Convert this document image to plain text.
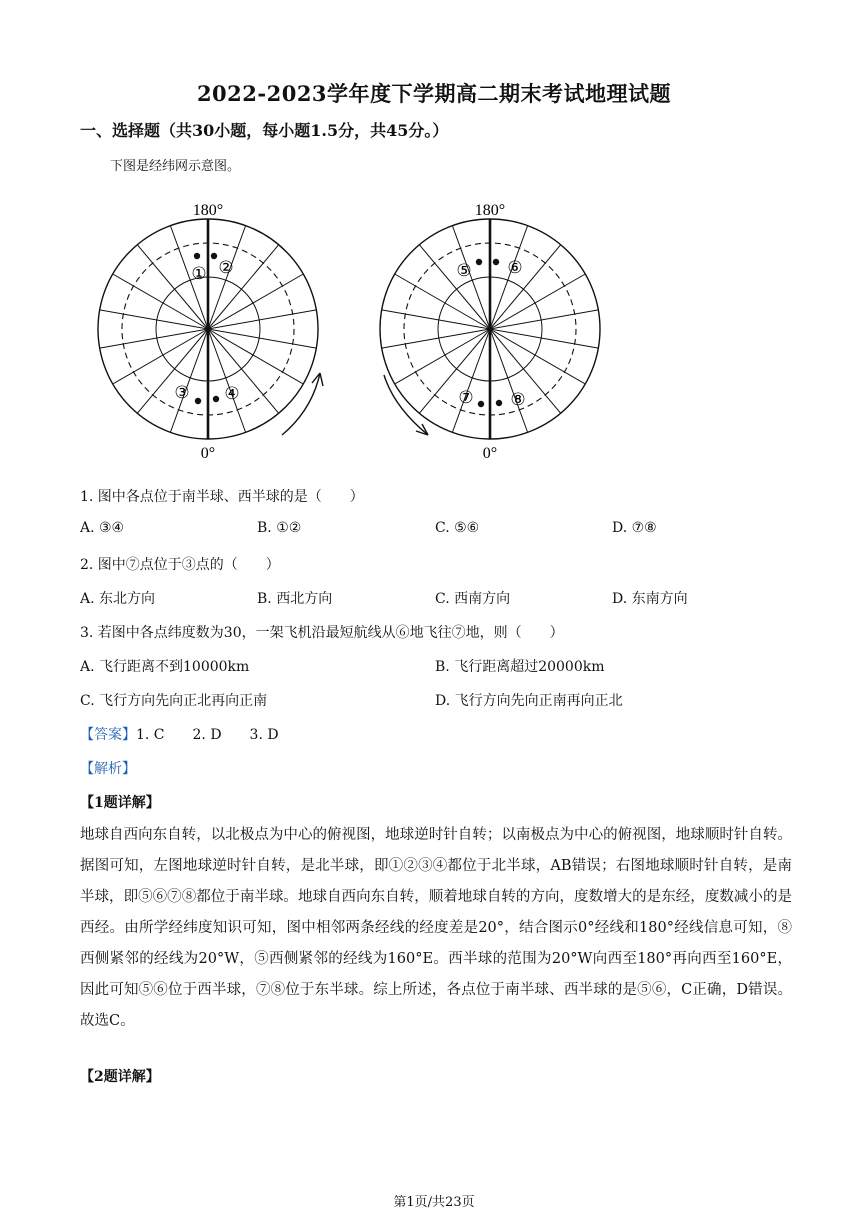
2022-2023学年度下学期高二期末考试地理试题
一、选择题（共30小题，每小题1.5分，共45分。）
下图是经纬网示意图。
180°
0°
① ②
③ ④
180°
0°
⑤ ⑥
⑦ ⑧
1. 图中各点位于南半球、西半球的是（　　）
A. ③④	B. ①②	C. ⑤⑥	D. ⑦⑧
2. 图中⑦点位于③点的（　　）
A. 东北方向	B. 西北方向	C. 西南方向	D. 东南方向
3. 若图中各点纬度数为30，一架飞机沿最短航线从⑥地飞往⑦地，则（　　）
A. 飞行距离不到10000km	B. 飞行距离超过20000km
C. 飞行方向先向正北再向正南	D. 飞行方向先向正南再向正北
【答案】1. C　　2. D　　3. D
【解析】
【1题详解】
地球自西向东自转，以北极点为中心的俯视图，地球逆时针自转；以南极点为中心的俯视图，地球顺时针自转。据图可知，左图地球逆时针自转，是北半球，即①②③④都位于北半球，AB错误；右图地球顺时针自转，是南半球，即⑤⑥⑦⑧都位于南半球。地球自西向东自转，顺着地球自转的方向，度数增大的是东经，度数减小的是西经。由所学经纬度知识可知，图中相邻两条经线的经度差是20°，结合图示0°经线和180°经线信息可知，⑧西侧紧邻的经线为20°W，⑤西侧紧邻的经线为160°E。西半球的范围为20°W向西至180°再向西至160°E，因此可知⑤⑥位于西半球，⑦⑧位于东半球。综上所述，各点位于南半球、西半球的是⑤⑥，C正确，D错误。故选C。
【2题详解】
第1页/共23页
